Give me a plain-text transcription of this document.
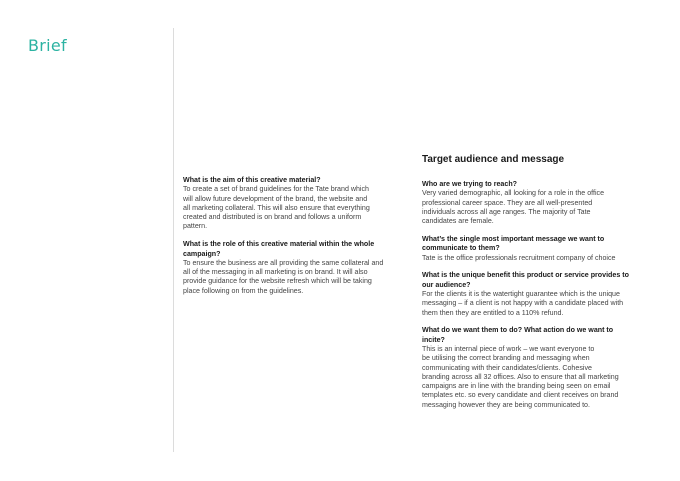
Brief

What is the aim of this creative material?

To create a set of brand guidelines for the Tate brand which
will allow future development of the brand, the website and
all marketing collateral. This will also ensure that everything
created and distributed is on brand and follows a uniform
pattern.

What is the role of this creative material within the whole
campaign?

To ensure the business are all providing the same collateral and
all of the messaging in all marketing is on brand. It will also
provide guidance for the website refresh which will be taking
place following on from the guidelines.

Target audience and message

Who are we trying to reach?

Very varied demographic, all looking for a role in the office
professional career space. They are all well-presented
individuals across all age ranges. The majority of Tate
candidates are female.

What’s the single most important message we want to
communicate to them?

Tate is the office professionals recruitment company of choice

What is the unique benefit this product or service provides to
our audience?

For the clients it is the watertight guarantee which is the unique
messaging – if a client is not happy with a candidate placed with
them then they are entitled to a 110% refund.

What do we want them to do? What action do we want to
incite?

This is an internal piece of work – we want everyone to
be utilising the correct branding and messaging when
communicating with their candidates/clients. Cohesive
branding across all 32 offices. Also to ensure that all marketing
campaigns are in line with the branding being seen on email
templates etc. so every candidate and client receives on brand
messaging however they are being communicated to.
